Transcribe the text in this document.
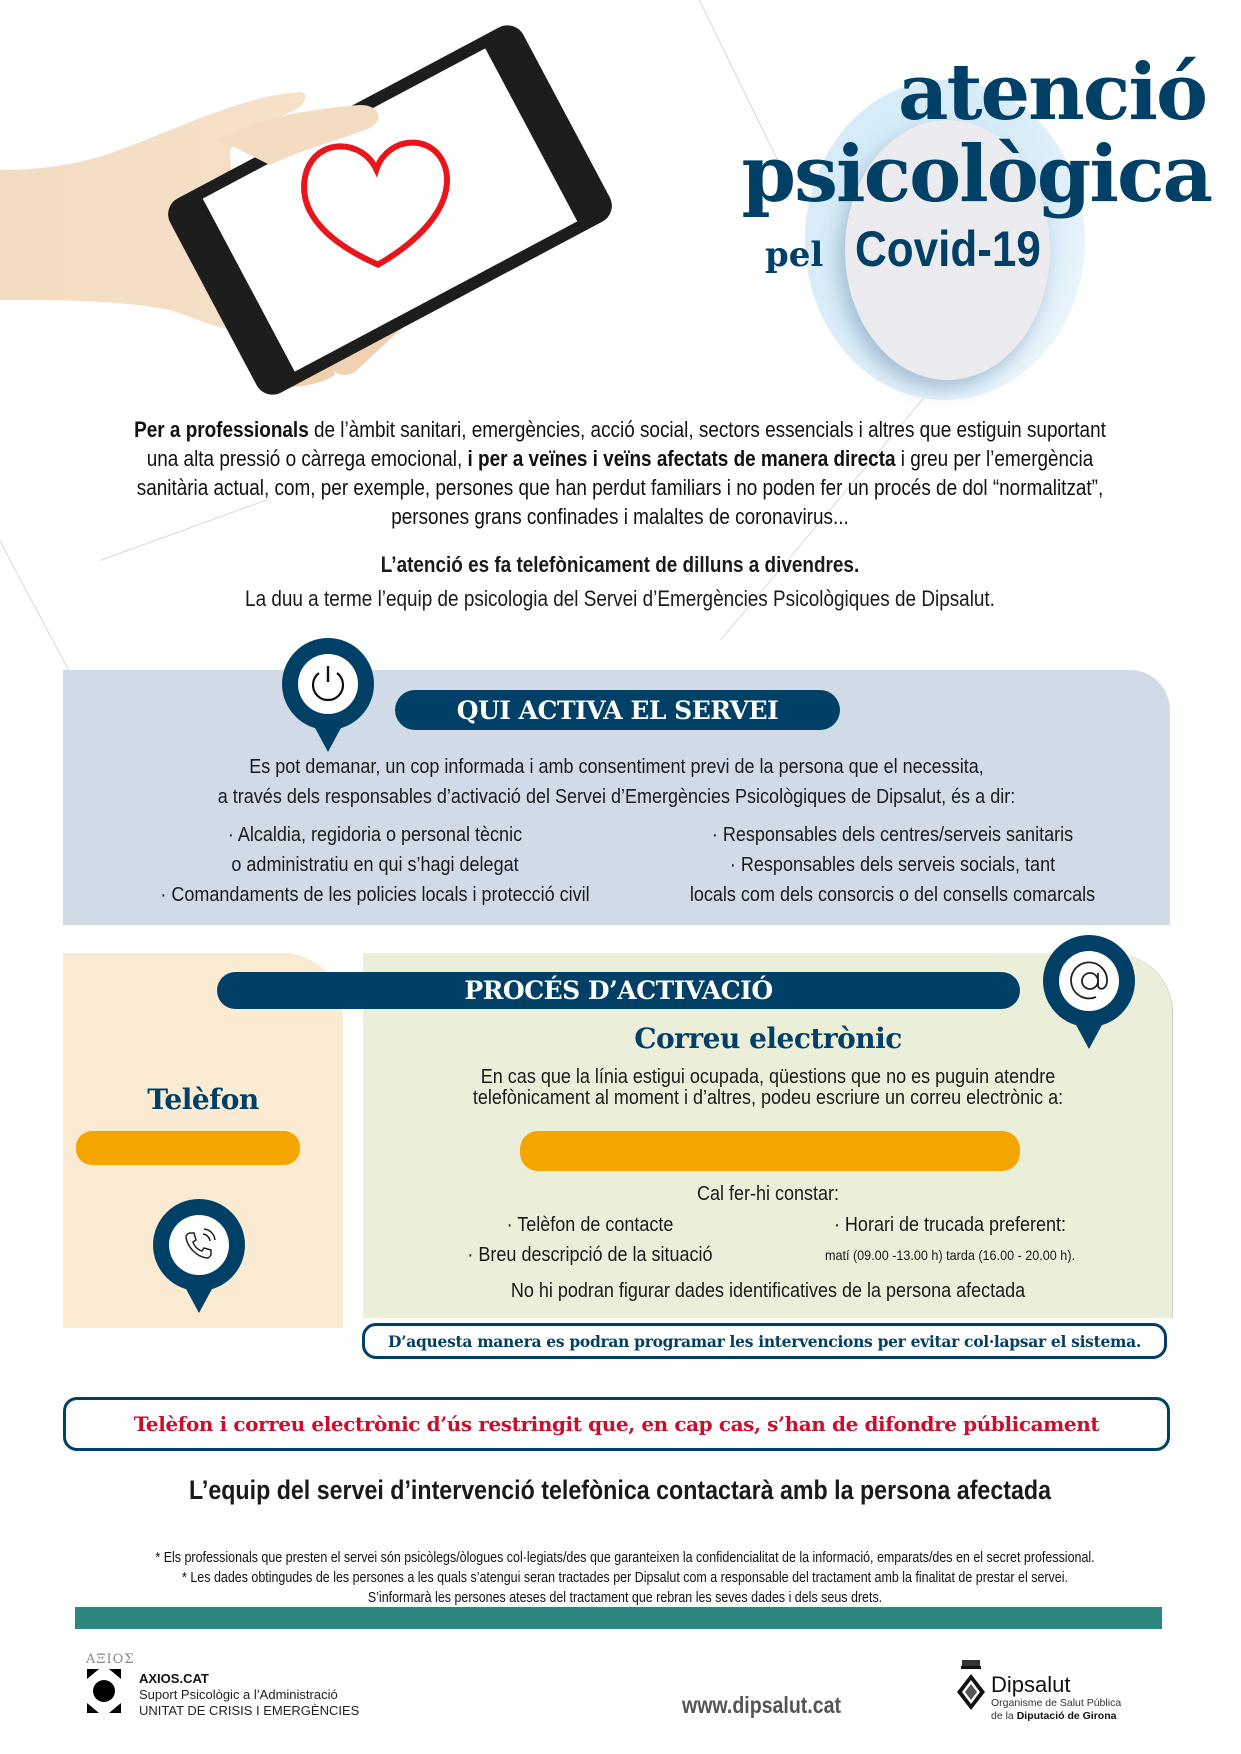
atenció
psicològica
pel Covid-19
Per a professionals de l’àmbit sanitari, emergències, acció social, sectors essencials i altres que estiguin suportant una alta pressió o càrrega emocional, i per a veïnes i veïns afectats de manera directa i greu per l’emergència sanitària actual, com, per exemple, persones que han perdut familiars i no poden fer un procés de dol “normalitzat”, persones grans confinades i malaltes de coronavirus...
L’atenció es fa telefònicament de dilluns a divendres.
La duu a terme l’equip de psicologia del Servei d’Emergències Psicològiques de Dipsalut.
QUI ACTIVA EL SERVEI
Es pot demanar, un cop informada i amb consentiment previ de la persona que el necessita,
a través dels responsables d’activació del Servei d’Emergències Psicològiques de Dipsalut, és a dir:
· Alcaldia, regidoria o personal tècnic
o administratiu en qui s’hagi delegat
· Comandaments de les policies locals i protecció civil
· Responsables dels centres/serveis sanitaris
· Responsables dels serveis socials, tant
locals com dels consorcis o del consells comarcals
PROCÉS D’ACTIVACIÓ
Telèfon
Correu electrònic
En cas que la línia estigui ocupada, qüestions que no es puguin atendre
telefònicament al moment i d’altres, podeu escriure un correu electrònic a:
Cal fer-hi constar:
· Telèfon de contacte
· Breu descripció de la situació
· Horari de trucada preferent:
matí (09.00 -13.00 h) tarda (16.00 - 20.00 h).
No hi podran figurar dades identificatives de la persona afectada
D’aquesta manera es podran programar les intervencions per evitar col·lapsar el sistema.
Telèfon i correu electrònic d’ús restringit que, en cap cas, s’han de difondre públicament
L’equip del servei d’intervenció telefònica contactarà amb la persona afectada
* Els professionals que presten el servei són psicòlegs/òlogues col·legiats/des que garanteixen la confidencialitat de la informació, emparats/des en el secret professional.
* Les dades obtingudes de les persones a les quals s’atengui seran tractades per Dipsalut com a responsable del tractament amb la finalitat de prestar el servei.
S’informarà les persones ateses del tractament que rebran les seves dades i dels seus drets.
ΑΞΙΟΣ
AXIOS.CAT
Suport Psicològic a l’Administració
UNITAT DE CRISIS I EMERGÈNCIES	www.dipsalut.cat
Dipsalut
Organisme de Salut Pública
de la Diputació de Girona
